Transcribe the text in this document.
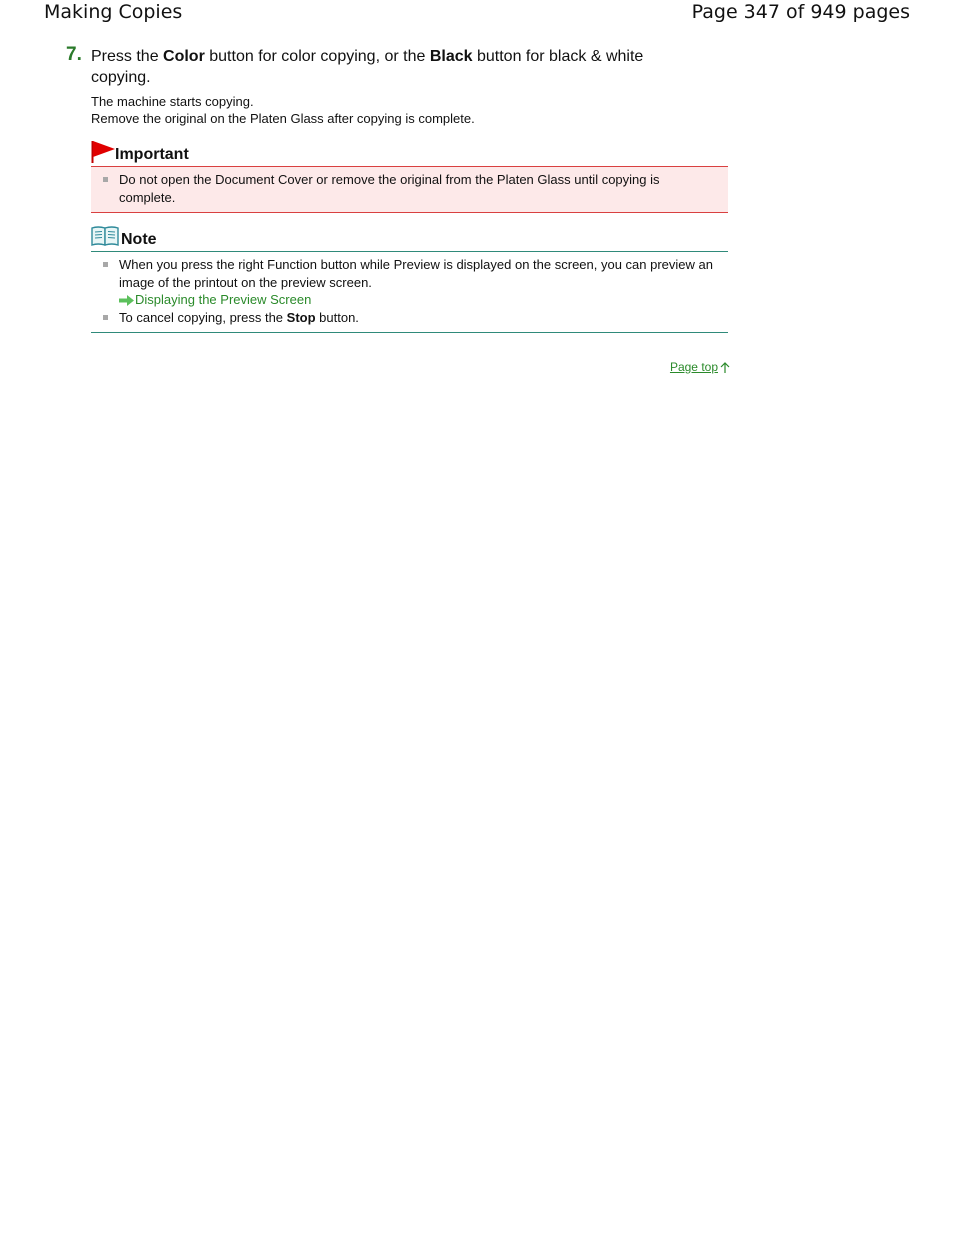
Making Copies	Page 347 of 949 pages
7. Press the Color button for color copying, or the Black button for black & white copying.
The machine starts copying.
Remove the original on the Platen Glass after copying is complete.
Important
Do not open the Document Cover or remove the original from the Platen Glass until copying is complete.
Note
When you press the right Function button while Preview is displayed on the screen, you can preview an image of the printout on the preview screen.
Displaying the Preview Screen
To cancel copying, press the Stop button.
Page top
